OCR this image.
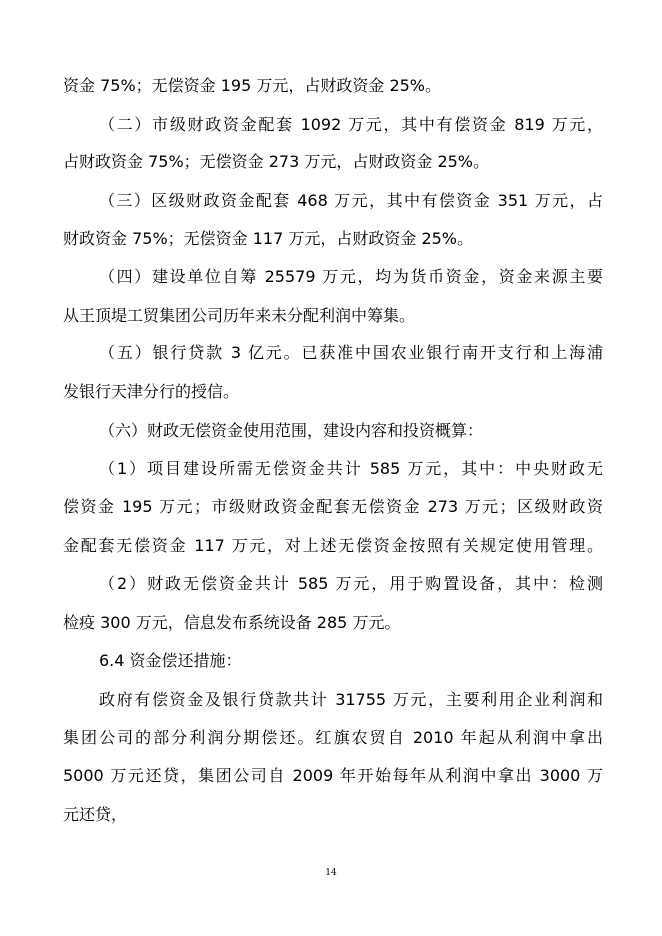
资金 75%；无偿资金 195 万元，占财政资金 25%。
（二）市级财政资金配套 1092 万元，其中有偿资金 819 万元，
占财政资金 75%；无偿资金 273 万元，占财政资金 25%。
（三）区级财政资金配套 468 万元，其中有偿资金 351 万元，占
财政资金 75%；无偿资金 117 万元，占财政资金 25%。
（四）建设单位自筹 25579 万元，均为货币资金，资金来源主要
从王顶堤工贸集团公司历年来未分配利润中筹集。
（五）银行贷款 3 亿元。已获准中国农业银行南开支行和上海浦
发银行天津分行的授信。
（六）财政无偿资金使用范围，建设内容和投资概算：
（1）项目建设所需无偿资金共计 585 万元，其中：中央财政无
偿资金 195 万元；市级财政资金配套无偿资金 273 万元；区级财政资
金配套无偿资金 117 万元，对上述无偿资金按照有关规定使用管理。
（2）财政无偿资金共计 585 万元，用于购置设备，其中：检测
检疫 300 万元，信息发布系统设备 285 万元。
6.4 资金偿还措施：
政府有偿资金及银行贷款共计 31755 万元，主要利用企业利润和
集团公司的部分利润分期偿还。红旗农贸自 2010 年起从利润中拿出
5000 万元还贷，集团公司自 2009 年开始每年从利润中拿出 3000 万
元还贷，
14
